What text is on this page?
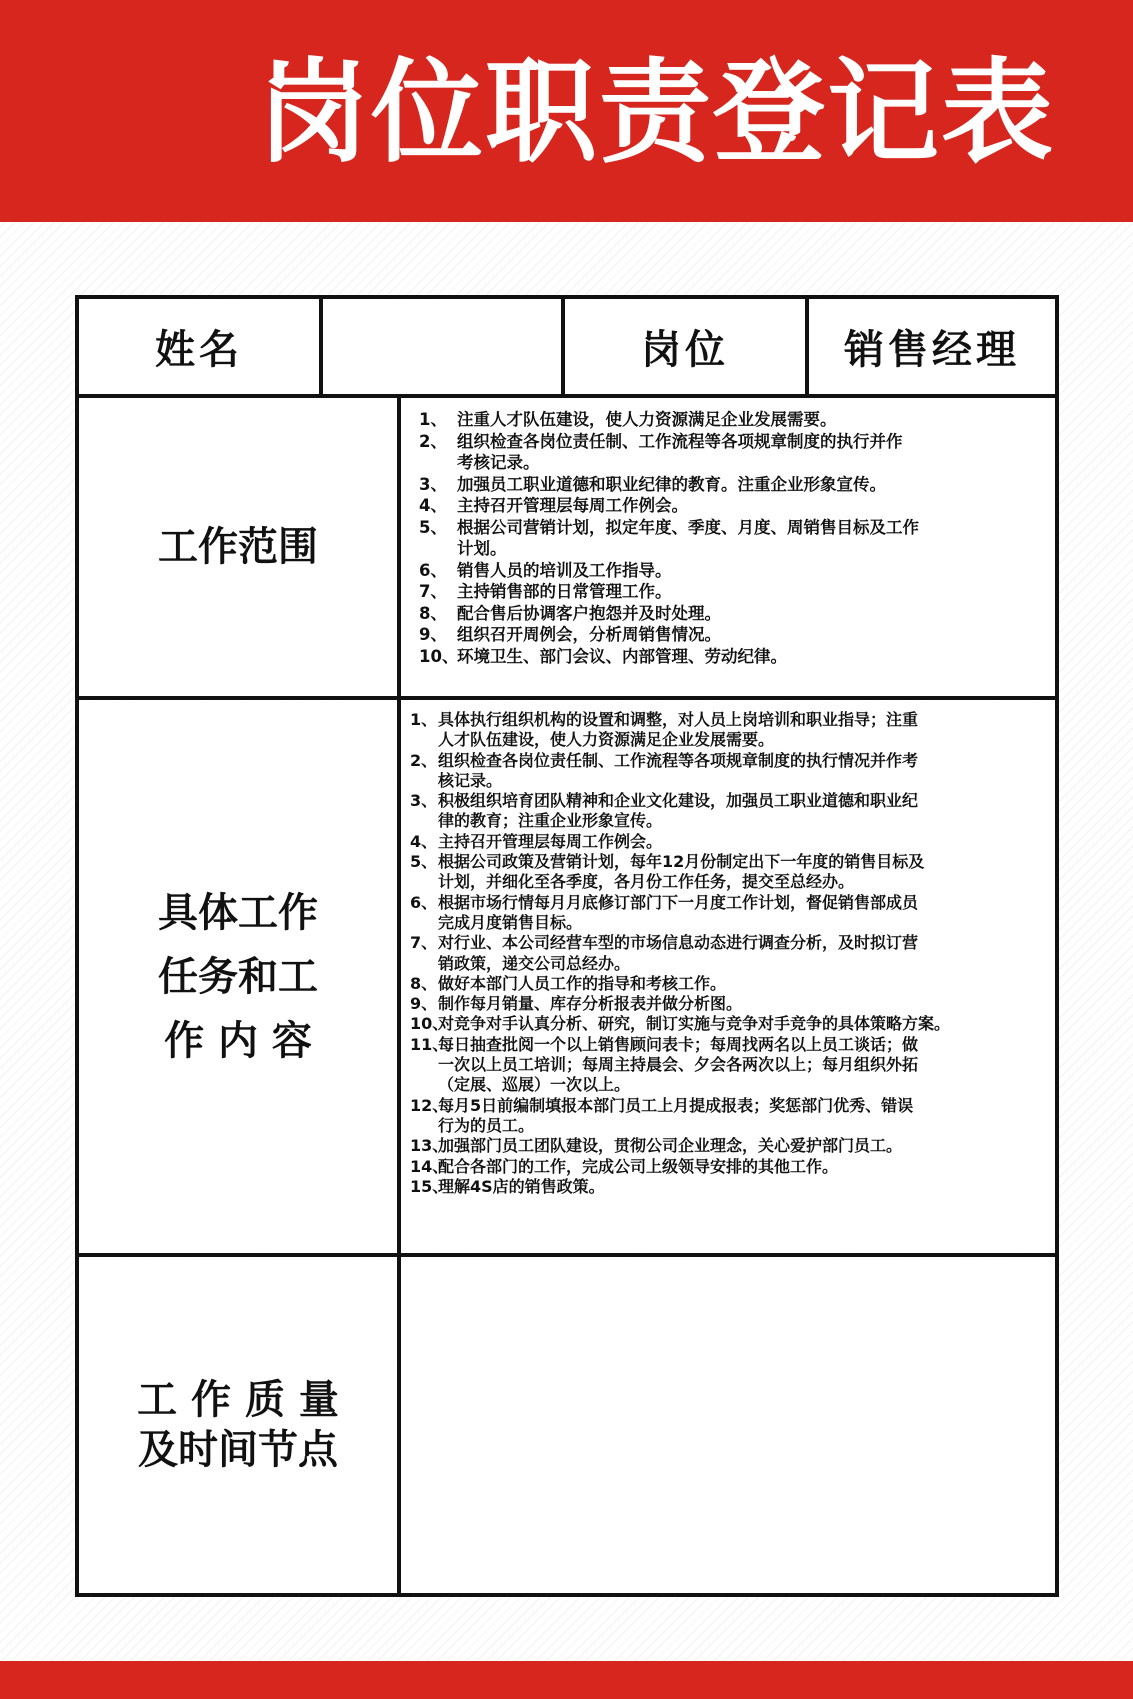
岗位职责登记表
姓名	岗位	销售经理
工作范围
1、 注重人才队伍建设，使人力资源满足企业发展需要。
2、 组织检查各岗位责任制、工作流程等各项规章制度的执行并作
考核记录。
3、 加强员工职业道德和职业纪律的教育。注重企业形象宣传。
4、 主持召开管理层每周工作例会。
5、 根据公司营销计划，拟定年度、季度、月度、周销售目标及工作
计划。
6、 销售人员的培训及工作指导。
7、 主持销售部的日常管理工作。
8、 配合售后协调客户抱怨并及时处理。
9、 组织召开周例会，分析周销售情况。
10、环境卫生、部门会议、内部管理、劳动纪律。
具体工作
任务和工
作 内 容
1、具体执行组织机构的设置和调整，对人员上岗培训和职业指导；注重
人才队伍建设，使人力资源满足企业发展需要。
2、组织检查各岗位责任制、工作流程等各项规章制度的执行情况并作考
核记录。
3、积极组织培育团队精神和企业文化建设，加强员工职业道德和职业纪
律的教育；注重企业形象宣传。
4、主持召开管理层每周工作例会。
5、根据公司政策及营销计划，每年12月份制定出下一年度的销售目标及
计划，并细化至各季度，各月份工作任务，提交至总经办。
6、根据市场行情每月月底修订部门下一月度工作计划，督促销售部成员
完成月度销售目标。
7、对行业、本公司经营车型的市场信息动态进行调查分析，及时拟订营
销政策，递交公司总经办。
8、做好本部门人员工作的指导和考核工作。
9、制作每月销量、库存分析报表并做分析图。
10、对竞争对手认真分析、研究，制订实施与竞争对手竞争的具体策略方案。
11、每日抽查批阅一个以上销售顾问表卡；每周找两名以上员工谈话；做
一次以上员工培训；每周主持晨会、夕会各两次以上；每月组织外拓
（定展、巡展）一次以上。
12、每月5日前编制填报本部门员工上月提成报表；奖惩部门优秀、错误
行为的员工。
13、加强部门员工团队建设，贯彻公司企业理念，关心爱护部门员工。
14、配合各部门的工作，完成公司上级领导安排的其他工作。
15、理解4S店的销售政策。
工 作 质 量
及时间节点
